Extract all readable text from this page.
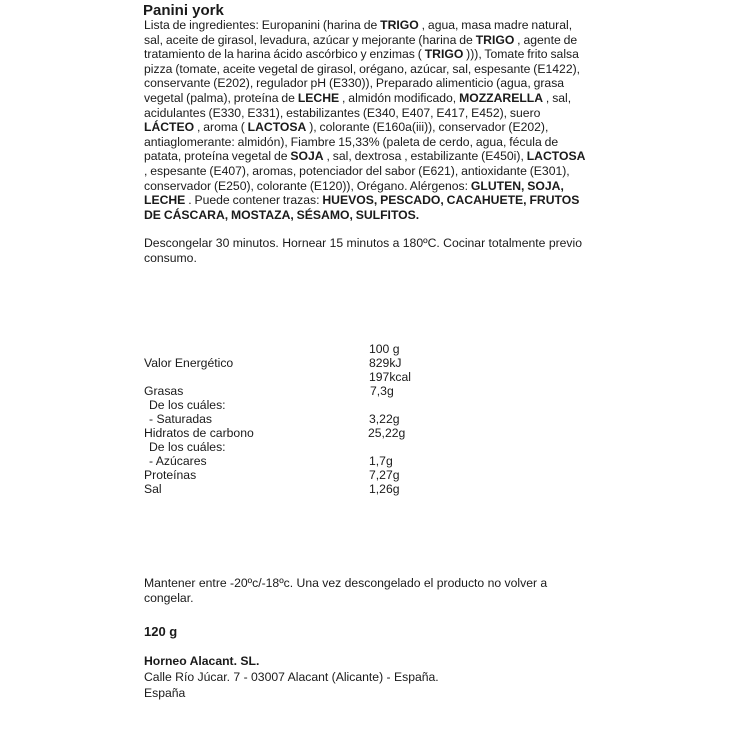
Panini york
Lista de ingredientes: Europanini (harina de TRIGO , agua, masa madre natural, sal, aceite de girasol, levadura, azúcar y mejorante (harina de TRIGO , agente de tratamiento de la harina ácido ascórbico y enzimas ( TRIGO ))), Tomate frito salsa pizza (tomate, aceite vegetal de girasol, orégano, azúcar, sal, espesante (E1422), conservante (E202), regulador pH (E330)), Preparado alimenticio (agua, grasa vegetal (palma), proteína de LECHE , almidón modificado, MOZZARELLA , sal, acidulantes (E330, E331), estabilizantes (E340, E407, E417, E452), suero LÁCTEO , aroma ( LACTOSA ), colorante (E160a(iii)), conservador (E202), antiaglomerante: almidón), Fiambre 15,33% (paleta de cerdo, agua, fécula de patata, proteína vegetal de SOJA , sal, dextrosa , estabilizante (E450i), LACTOSA , espesante (E407), aromas, potenciador del sabor (E621), antioxidante (E301), conservador (E250), colorante (E120)), Orégano. Alérgenos: GLUTEN, SOJA, LECHE . Puede contener trazas: HUEVOS, PESCADO, CACAHUETE, FRUTOS DE CÁSCARA, MOSTAZA, SÉSAMO, SULFITOS.
Descongelar 30 minutos. Hornear 15 minutos a 180ºC. Cocinar totalmente previo consumo.
100 g
Valor Energético	829kJ
197kcal
Grasas	7,3g
De los cuáles:
- Saturadas	3,22g
Hidratos de carbono	25,22g
De los cuáles:
- Azúcares	1,7g
Proteínas	7,27g
Sal	1,26g
Mantener entre -20ºc/-18ºc. Una vez descongelado el producto no volver a congelar.
120 g
Horneo Alacant. SL.
Calle Río Júcar. 7 - 03007 Alacant (Alicante) - España.
España
